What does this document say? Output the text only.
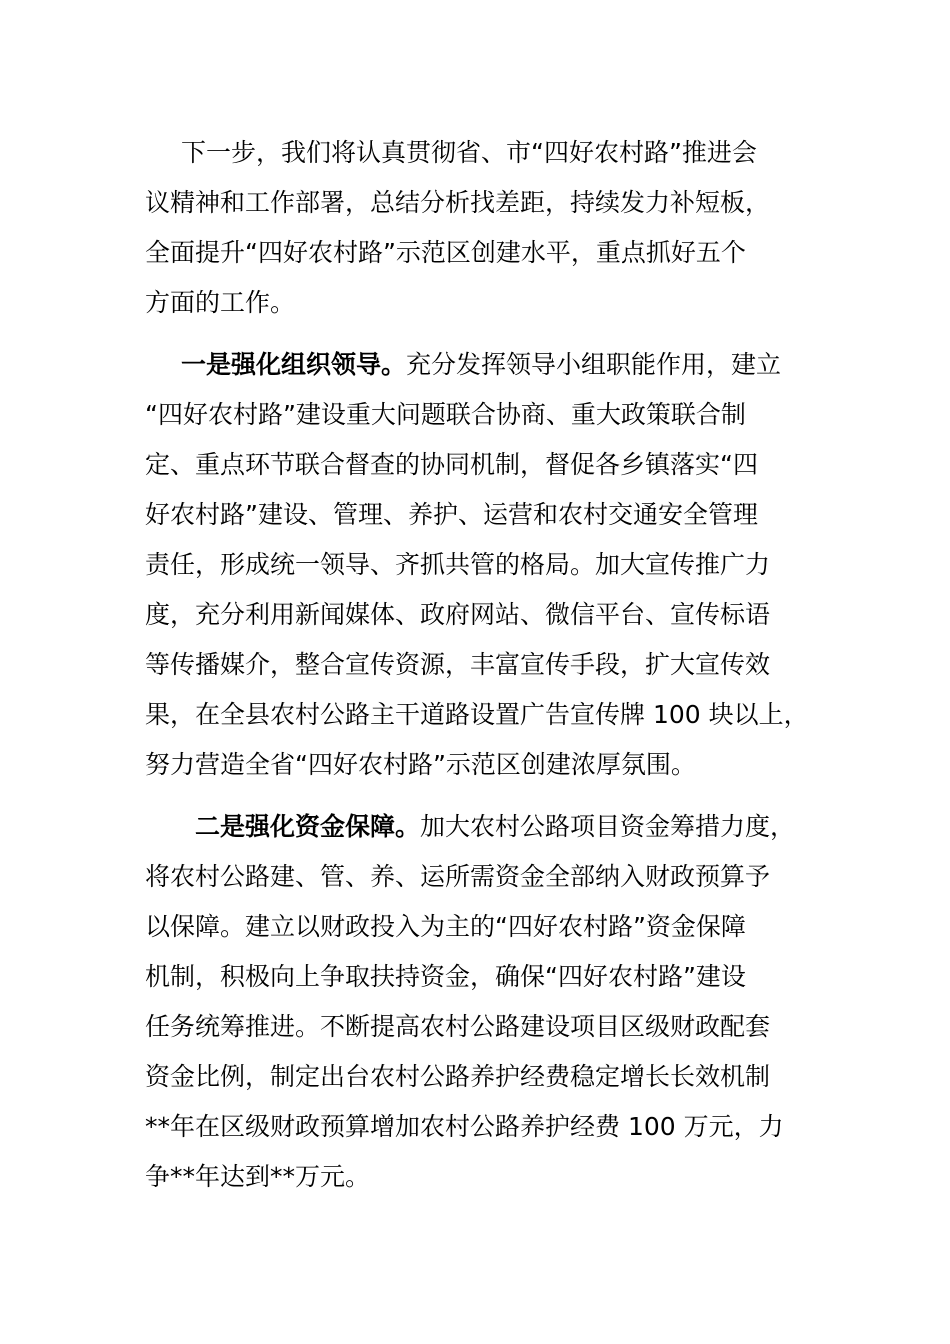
下一步，我们将认真贯彻省、市“四好农村路”推进会
议精神和工作部署，总结分析找差距，持续发力补短板，
全面提升“四好农村路”示范区创建水平，重点抓好五个
方面的工作。
一是强化组织领导。充分发挥领导小组职能作用，建立
“四好农村路”建设重大问题联合协商、重大政策联合制
定、重点环节联合督查的协同机制，督促各乡镇落实“四
好农村路”建设、管理、养护、运营和农村交通安全管理
责任，形成统一领导、齐抓共管的格局。加大宣传推广力
度，充分利用新闻媒体、政府网站、微信平台、宣传标语
等传播媒介，整合宣传资源，丰富宣传手段，扩大宣传效
果，在全县农村公路主干道路设置广告宣传牌 100 块以上，
努力营造全省“四好农村路”示范区创建浓厚氛围。
二是强化资金保障。加大农村公路项目资金筹措力度，
将农村公路建、管、养、运所需资金全部纳入财政预算予
以保障。建立以财政投入为主的“四好农村路”资金保障
机制，积极向上争取扶持资金，确保“四好农村路”建设
任务统筹推进。不断提高农村公路建设项目区级财政配套
资金比例，制定出台农村公路养护经费稳定增长长效机制
**年在区级财政预算增加农村公路养护经费 100 万元，力
争**年达到**万元。
